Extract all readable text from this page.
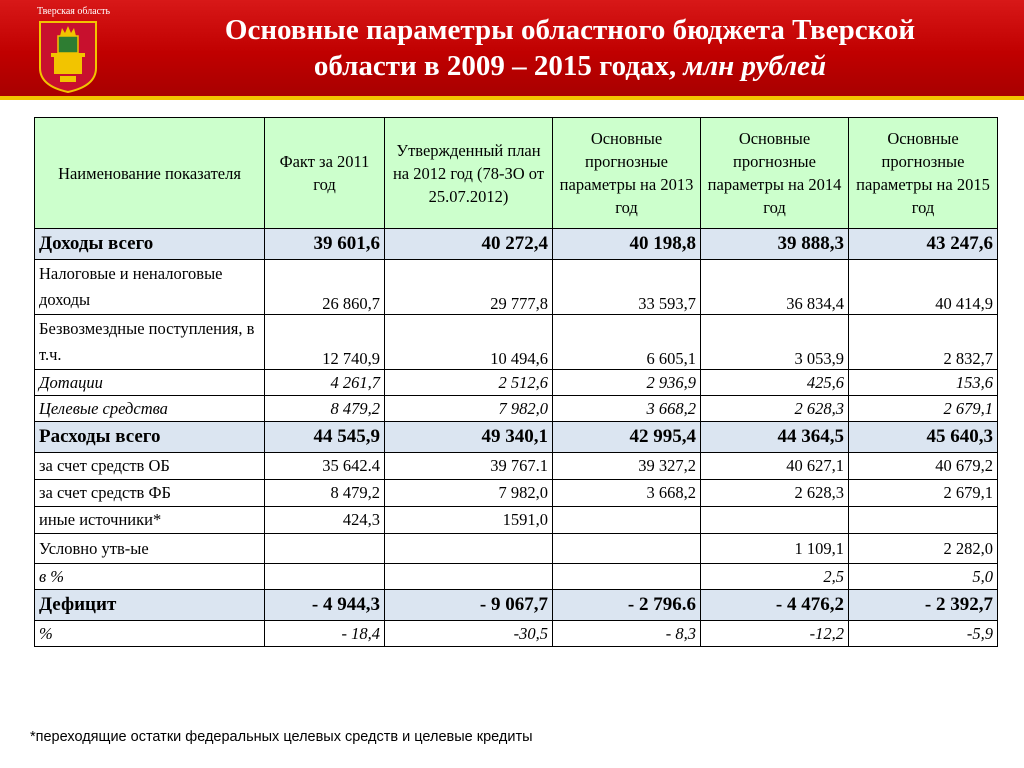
Тверская область
Основные параметры областного бюджета Тверской
области в 2009 – 2015 годах, млн рублей
Наименование показателя	Факт за 2011 год	Утвержденный план на 2012 год (78-ЗО от 25.07.2012)	Основные прогнозные параметры на 2013 год	Основные прогнозные параметры на 2014 год	Основные прогнозные параметры на 2015 год
Доходы всего	39 601,6	40 272,4	40 198,8	39 888,3	43 247,6
Налоговые и неналоговые доходы	26 860,7	29 777,8	33 593,7	36 834,4	40 414,9
Безвозмездные поступления, в т.ч.	12 740,9	10 494,6	6 605,1	3 053,9	2 832,7
Дотации	4 261,7	2 512,6	2 936,9	425,6	153,6
Целевые средства	8 479,2	7 982,0	3 668,2	2 628,3	2 679,1
Расходы всего	44 545,9	49 340,1	42 995,4	44 364,5	45 640,3
за счет средств ОБ	35 642.4	39 767.1	39 327,2	40 627,1	40 679,2
за счет средств ФБ	8 479,2	7 982,0	3 668,2	2 628,3	2 679,1
иные источники*	424,3	1591,0			
Условно утв-ые				1 109,1	2 282,0
в %				2,5	5,0
Дефицит	- 4 944,3	- 9 067,7	- 2 796.6	- 4 476,2	- 2 392,7
%	- 18,4	-30,5	- 8,3	-12,2	-5,9
*переходящие остатки федеральных целевых средств и целевые кредиты
